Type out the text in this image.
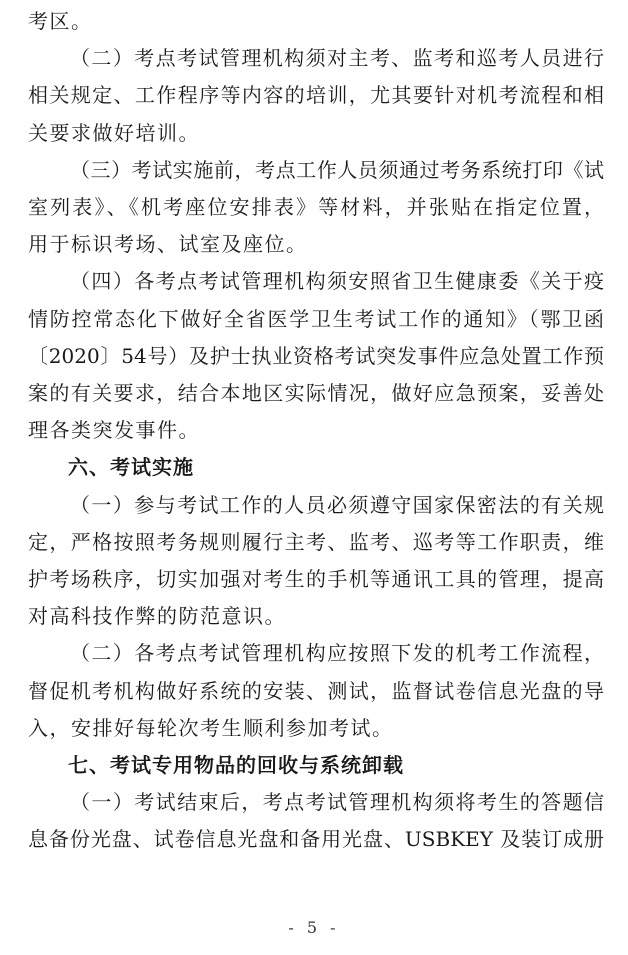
考区。
（二）考点考试管理机构须对主考、监考和巡考人员进行
相关规定、工作程序等内容的培训，尤其要针对机考流程和相
关要求做好培训。
（三）考试实施前，考点工作人员须通过考务系统打印《试
室列表》、《机考座位安排表》等材料，并张贴在指定位置，
用于标识考场、试室及座位。
（四）各考点考试管理机构须安照省卫生健康委《关于疫
情防控常态化下做好全省医学卫生考试工作的通知》（鄂卫函
〔2020〕54号）及护士执业资格考试突发事件应急处置工作预
案的有关要求，结合本地区实际情况，做好应急预案，妥善处
理各类突发事件。
六、考试实施
（一）参与考试工作的人员必须遵守国家保密法的有关规
定，严格按照考务规则履行主考、监考、巡考等工作职责，维
护考场秩序，切实加强对考生的手机等通讯工具的管理，提高
对高科技作弊的防范意识。
（二）各考点考试管理机构应按照下发的机考工作流程，
督促机考机构做好系统的安装、测试，监督试卷信息光盘的导
入，安排好每轮次考生顺利参加考试。
七、考试专用物品的回收与系统卸载
（一）考试结束后，考点考试管理机构须将考生的答题信
息备份光盘、试卷信息光盘和备用光盘、USBKEY 及装订成册
- 5 -
